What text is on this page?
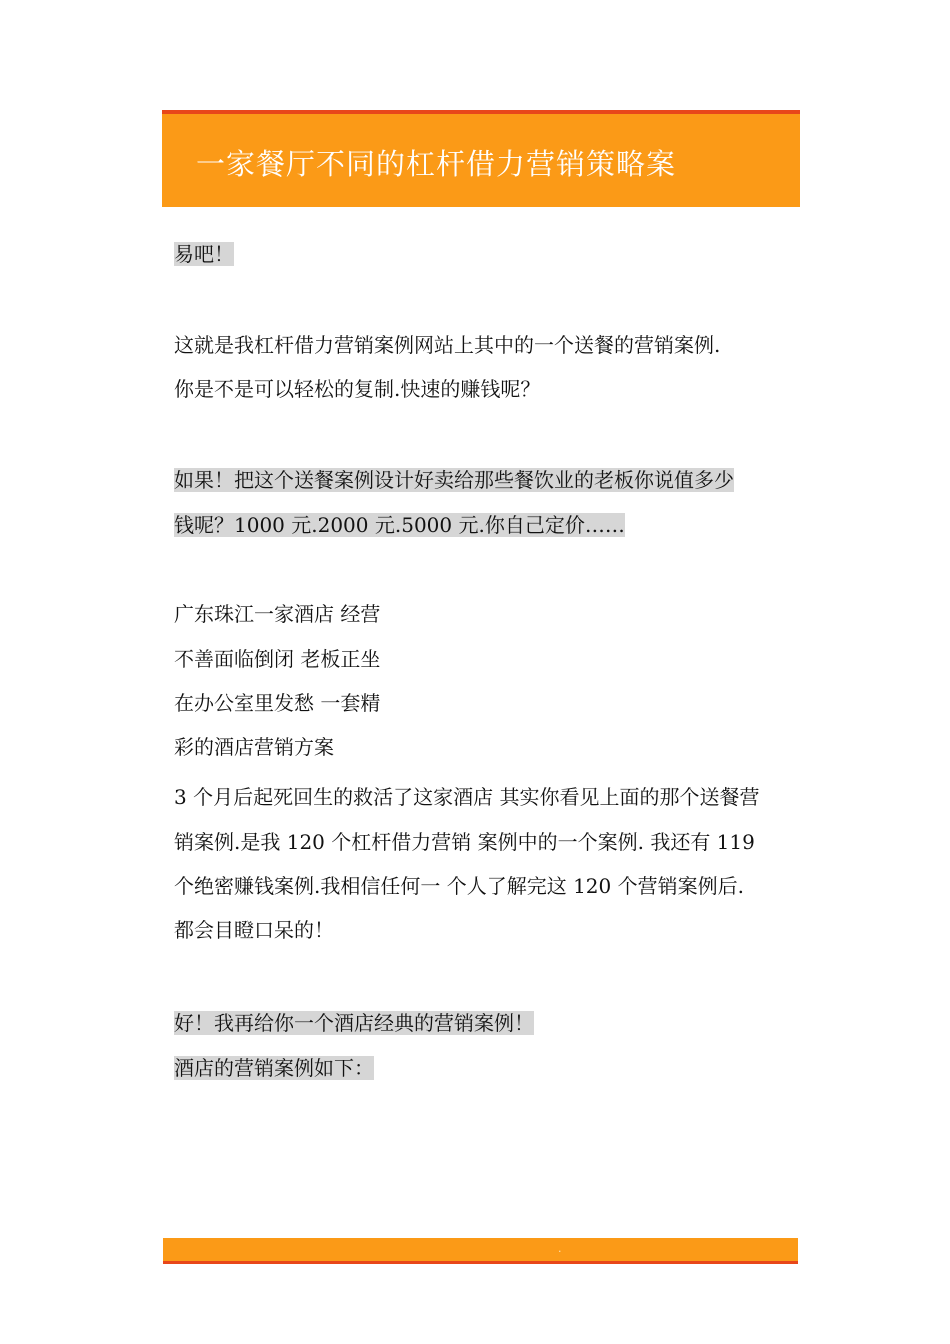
一家餐厅不同的杠杆借力营销策略案
易吧！
这就是我杠杆借力营销案例网站上其中的一个送餐的营销案例.
你是不是可以轻松的复制.快速的赚钱呢？
如果！把这个送餐案例设计好卖给那些餐饮业的老板你说值多少
钱呢？1000 元.2000 元.5000 元.你自己定价……
广东珠江一家酒店 经营
不善面临倒闭 老板正坐
在办公室里发愁 一套精
彩的酒店营销方案
3 个月后起死回生的救活了这家酒店 其实你看见上面的那个送餐营
销案例.是我 120 个杠杆借力营销 案例中的一个案例. 我还有 119
个绝密赚钱案例.我相信任何一 个人了解完这 120 个营销案例后.
都会目瞪口呆的！
好！我再给你一个酒店经典的营销案例！
酒店的营销案例如下：
·　　　　　　　　　　　　　
